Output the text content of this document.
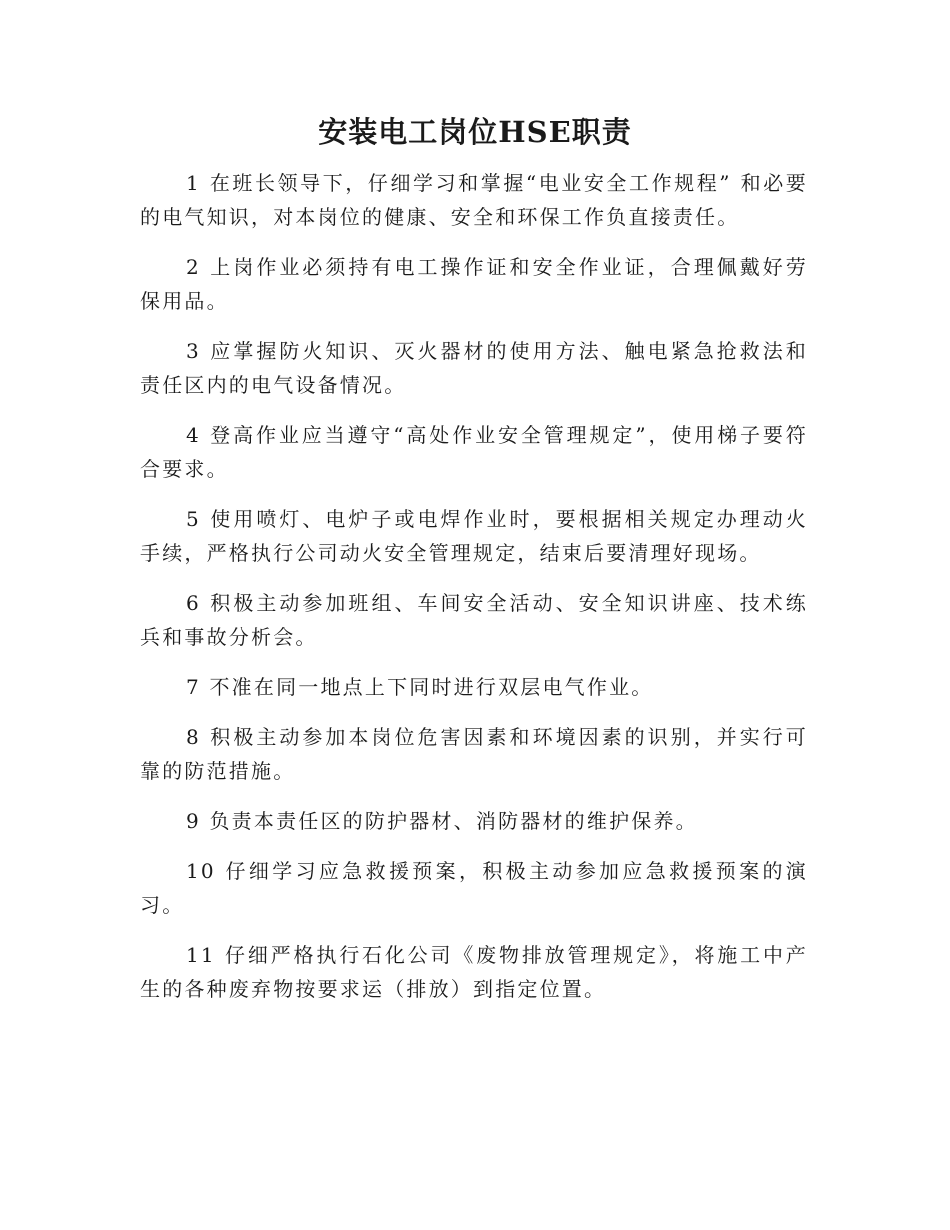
安装电工岗位HSE职责

1 在班长领导下，仔细学习和掌握“电业安全工作规程” 和必要的电气知识，对本岗位的健康、安全和环保工作负直接责任。

2 上岗作业必须持有电工操作证和安全作业证，合理佩戴好劳保用品。

3 应掌握防火知识、灭火器材的使用方法、触电紧急抢救法和责任区内的电气设备情况。

4 登高作业应当遵守“高处作业安全管理规定”，使用梯子要符合要求。

5 使用喷灯、电炉子或电焊作业时，要根据相关规定办理动火手续，严格执行公司动火安全管理规定，结束后要清理好现场。

6 积极主动参加班组、车间安全活动、安全知识讲座、技术练兵和事故分析会。

7 不准在同一地点上下同时进行双层电气作业。

8 积极主动参加本岗位危害因素和环境因素的识别，并实行可靠的防范措施。

9 负责本责任区的防护器材、消防器材的维护保养。

10 仔细学习应急救援预案，积极主动参加应急救援预案的演习。

11 仔细严格执行石化公司《废物排放管理规定》，将施工中产生的各种废弃物按要求运（排放）到指定位置。
